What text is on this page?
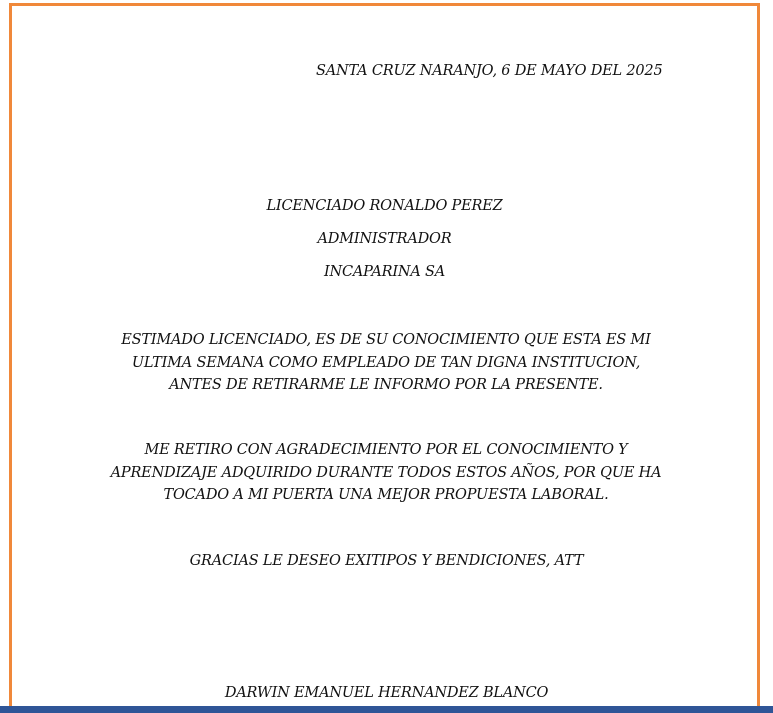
SANTA CRUZ NARANJO, 6 DE MAYO DEL 2025
LICENCIADO RONALDO PEREZ
ADMINISTRADOR
INCAPARINA SA
ESTIMADO LICENCIADO, ES DE SU CONOCIMIENTO QUE ESTA ES MI
ULTIMA SEMANA COMO EMPLEADO DE TAN DIGNA INSTITUCION,
ANTES DE RETIRARME LE INFORMO POR LA PRESENTE.
ME RETIRO CON AGRADECIMIENTO POR EL CONOCIMIENTO Y
APRENDIZAJE ADQUIRIDO DURANTE TODOS ESTOS AÑOS, POR QUE HA
TOCADO A MI PUERTA UNA MEJOR PROPUESTA LABORAL.
GRACIAS LE DESEO EXITIPOS Y BENDICIONES, ATT
DARWIN EMANUEL HERNANDEZ BLANCO
